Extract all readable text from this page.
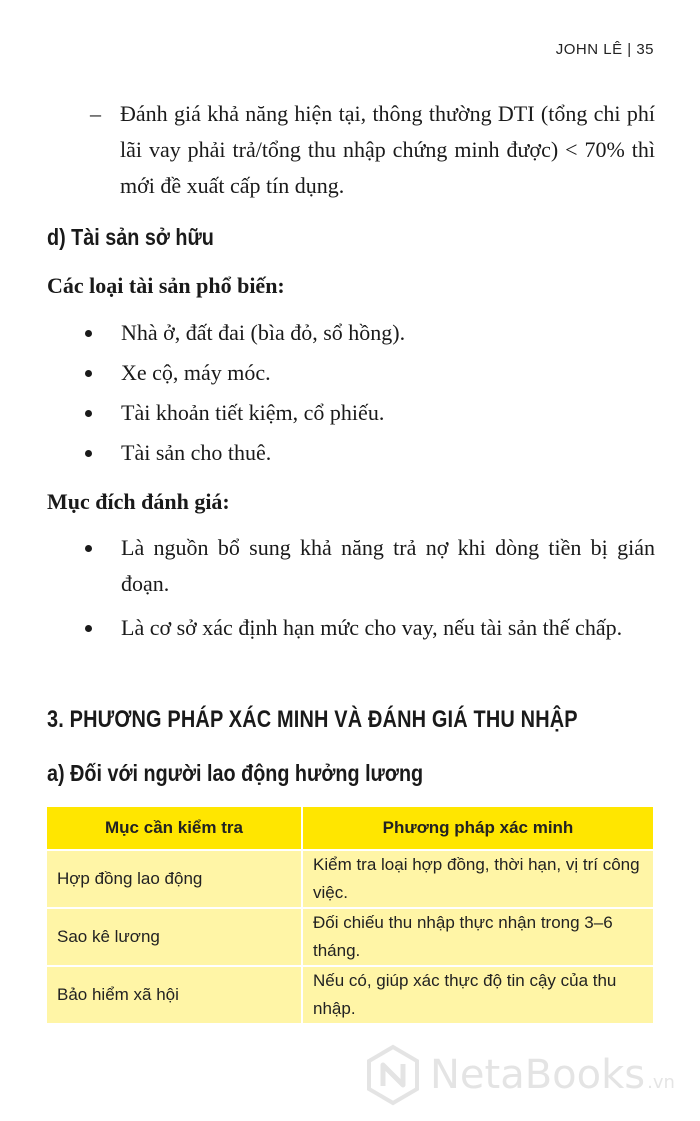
JOHN LÊ | 35
– Đánh giá khả năng hiện tại, thông thường DTI (tổng chi phí lãi vay phải trả/tổng thu nhập chứng minh được) < 70% thì mới đề xuất cấp tín dụng.
d) Tài sản sở hữu
Các loại tài sản phổ biến:
Nhà ở, đất đai (bìa đỏ, sổ hồng).
Xe cộ, máy móc.
Tài khoản tiết kiệm, cổ phiếu.
Tài sản cho thuê.
Mục đích đánh giá:
Là nguồn bổ sung khả năng trả nợ khi dòng tiền bị gián đoạn.
Là cơ sở xác định hạn mức cho vay, nếu tài sản thế chấp.
3. PHƯƠNG PHÁP XÁC MINH VÀ ĐÁNH GIÁ THU NHẬP
a) Đối với người lao động hưởng lương
Mục cần kiểm tra	Phương pháp xác minh
Hợp đồng lao động	Kiểm tra loại hợp đồng, thời hạn, vị trí công việc.
Sao kê lương	Đối chiếu thu nhập thực nhận trong 3–6 tháng.
Bảo hiểm xã hội	Nếu có, giúp xác thực độ tin cậy của thu nhập.
NetaBooks .vn
